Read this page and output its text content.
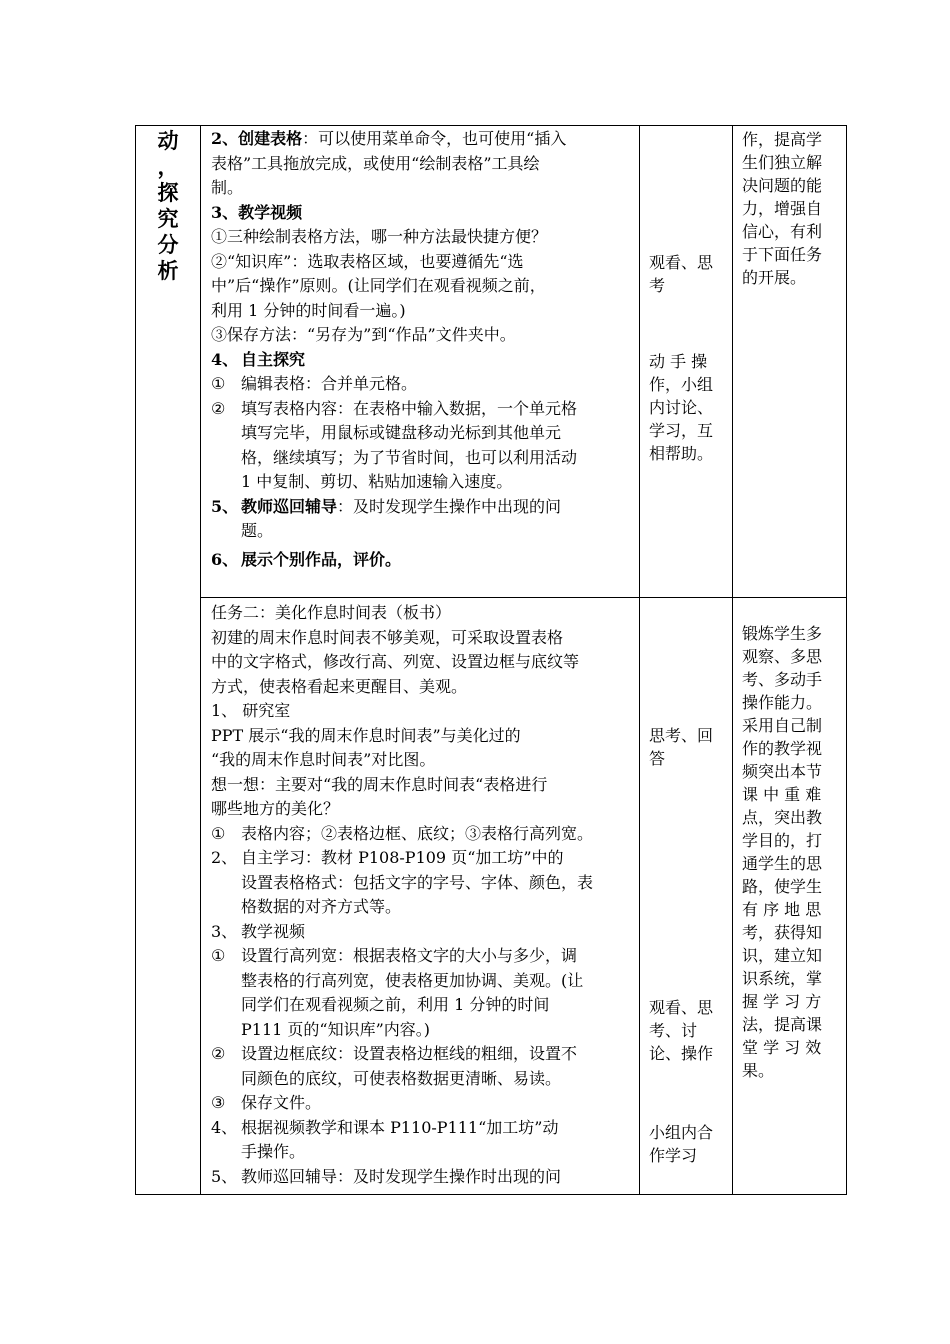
动
，
探
究
分
析

2、创建表格：可以使用菜单命令，也可使用“插入

表格”工具拖放完成，或使用“绘制表格”工具绘

制。

3、教学视频

①三种绘制表格方法，哪一种方法最快捷方便？

②“知识库”：选取表格区域，也要遵循先“选

中”后“操作”原则。(让同学们在观看视频之前，

利用 1 分钟的时间看一遍。)

③保存方法：“另存为”到“作品”文件夹中。

4、 自主探究
① 编辑表格：合并单元格。
② 填写表格内容：在表格中输入数据，一个单元格
填写完毕，用鼠标或键盘移动光标到其他单元
格，继续填写；为了节省时间，也可以利用活动
1 中复制、剪切、粘贴加速输入速度。
5、 教师巡回辅导：及时发现学生操作中出现的问
题。
6、 展示个别作品，评价。
观看、思
考
动 手 操
作，小组
内讨论、
学习，互
相帮助。
作，提高学
生们独立解
决问题的能
力，增强自
信心，有利
于下面任务
的开展。

任务二：美化作息时间表（板书）

初建的周末作息时间表不够美观，可采取设置表格

中的文字格式，修改行高、列宽、设置边框与底纹等

方式，使表格看起来更醒目、美观。

1、 研究室

PPT 展示“我的周末作息时间表”与美化过的

“我的周末作息时间表”对比图。

想一想：主要对“我的周末作息时间表“表格进行

哪些地方的美化？

① 表格内容；②表格边框、底纹；③表格行高列宽。
2、 自主学习：教材 P108-P109 页“加工坊”中的
设置表格格式：包括文字的字号、字体、颜色，表
格数据的对齐方式等。
3、 教学视频
① 设置行高列宽：根据表格文字的大小与多少，调
整表格的行高列宽，使表格更加协调、美观。(让
同学们在观看视频之前，利用 1 分钟的时间
P111 页的“知识库”内容。)
② 设置边框底纹：设置表格边框线的粗细，设置不
同颜色的底纹，可使表格数据更清晰、易读。
③ 保存文件。
4、 根据视频教学和课本 P110-P111“加工坊”动
手操作。
5、 教师巡回辅导：及时发现学生操作时出现的问
思考、回
答
观看、思
考、讨
论、操作
小组内合
作学习
锻炼学生多
观察、多思
考、多动手
操作能力。
采用自己制
作的教学视
频突出本节
课 中 重 难
点，突出教
学目的，打
通学生的思
路，使学生
有 序 地 思
考，获得知
识，建立知
识系统，掌
握 学 习 方
法，提高课
堂 学 习 效
果。
